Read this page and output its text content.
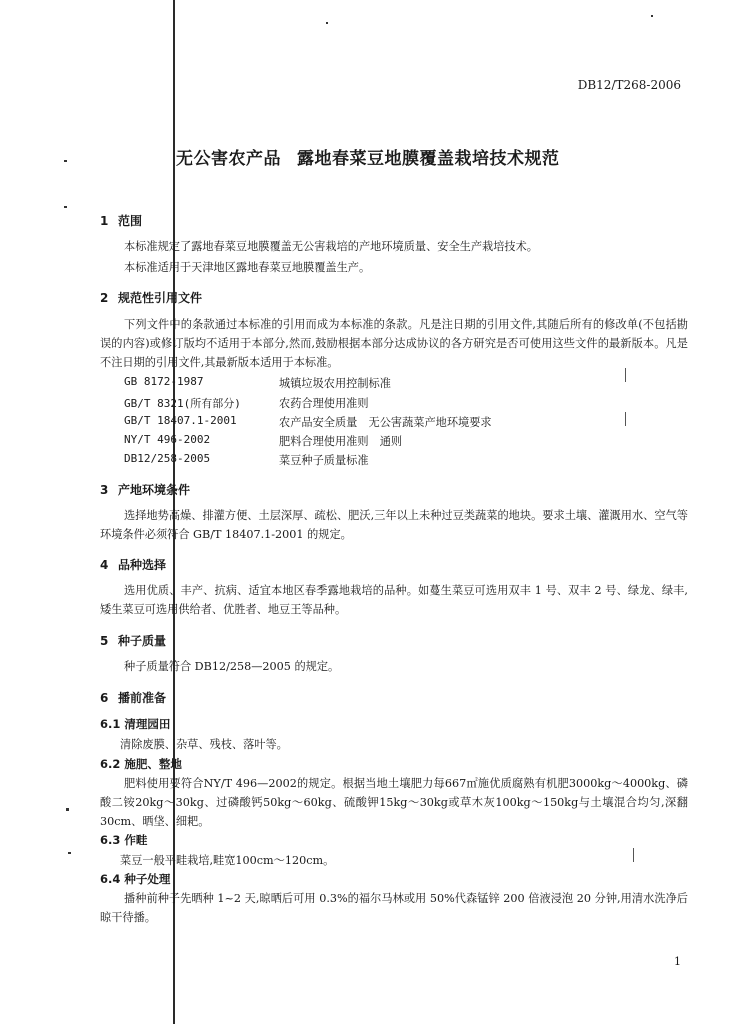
DB12/T268-2006
无公害农产品 露地春菜豆地膜覆盖栽培技术规范
1 范围
本标准规定了露地春菜豆地膜覆盖无公害栽培的产地环境质量、安全生产栽培技术。
本标准适用于天津地区露地春菜豆地膜覆盖生产。
2 规范性引用文件
下列文件中的条款通过本标准的引用而成为本标准的条款。凡是注日期的引用文件,其随后所有的修改单(不包括勘误的内容)或修订版均不适用于本部分,然而,鼓励根据本部分达成协议的各方研究是否可使用这些文件的最新版本。凡是不注日期的引用文件,其最新版本适用于本标准。
GB 8172-1987	城镇垃圾农用控制标准
GB/T 8321(所有部分)	农药合理使用准则
GB/T 18407.1-2001	农产品安全质量　无公害蔬菜产地环境要求
NY/T 496-2002	肥料合理使用准则　通则
DB12/258-2005	菜豆种子质量标准
3 产地环境条件
选择地势高燥、排灌方便、土层深厚、疏松、肥沃,三年以上未种过豆类蔬菜的地块。要求土壤、灌溉用水、空气等环境条件必须符合 GB/T 18407.1-2001 的规定。
4 品种选择
选用优质、丰产、抗病、适宜本地区春季露地栽培的品种。如蔓生菜豆可选用双丰 1 号、双丰 2 号、绿龙、绿丰,矮生菜豆可选用供给者、优胜者、地豆王等品种。
5 种子质量
种子质量符合 DB12/258—2005 的规定。
6 播前准备
6.1 清理园田
清除废膜、杂草、残枝、落叶等。
6.2 施肥、整地
肥料使用要符合NY/T 496—2002的规定。根据当地土壤肥力每667㎡施优质腐熟有机肥3000kg～4000kg、磷酸二铵20kg～30kg、过磷酸钙50kg～60kg、硫酸钾15kg～30kg或草木灰100kg～150kg与土壤混合均匀,深翻30cm、晒垡、细耙。
6.3 作畦
菜豆一般平畦栽培,畦宽100cm～120cm。
6.4 种子处理
播种前种子先晒种 1~2 天,晾晒后可用 0.3%的福尔马林或用 50%代森锰锌 200 倍液浸泡 20 分钟,用清水洗净后晾干待播。
1
